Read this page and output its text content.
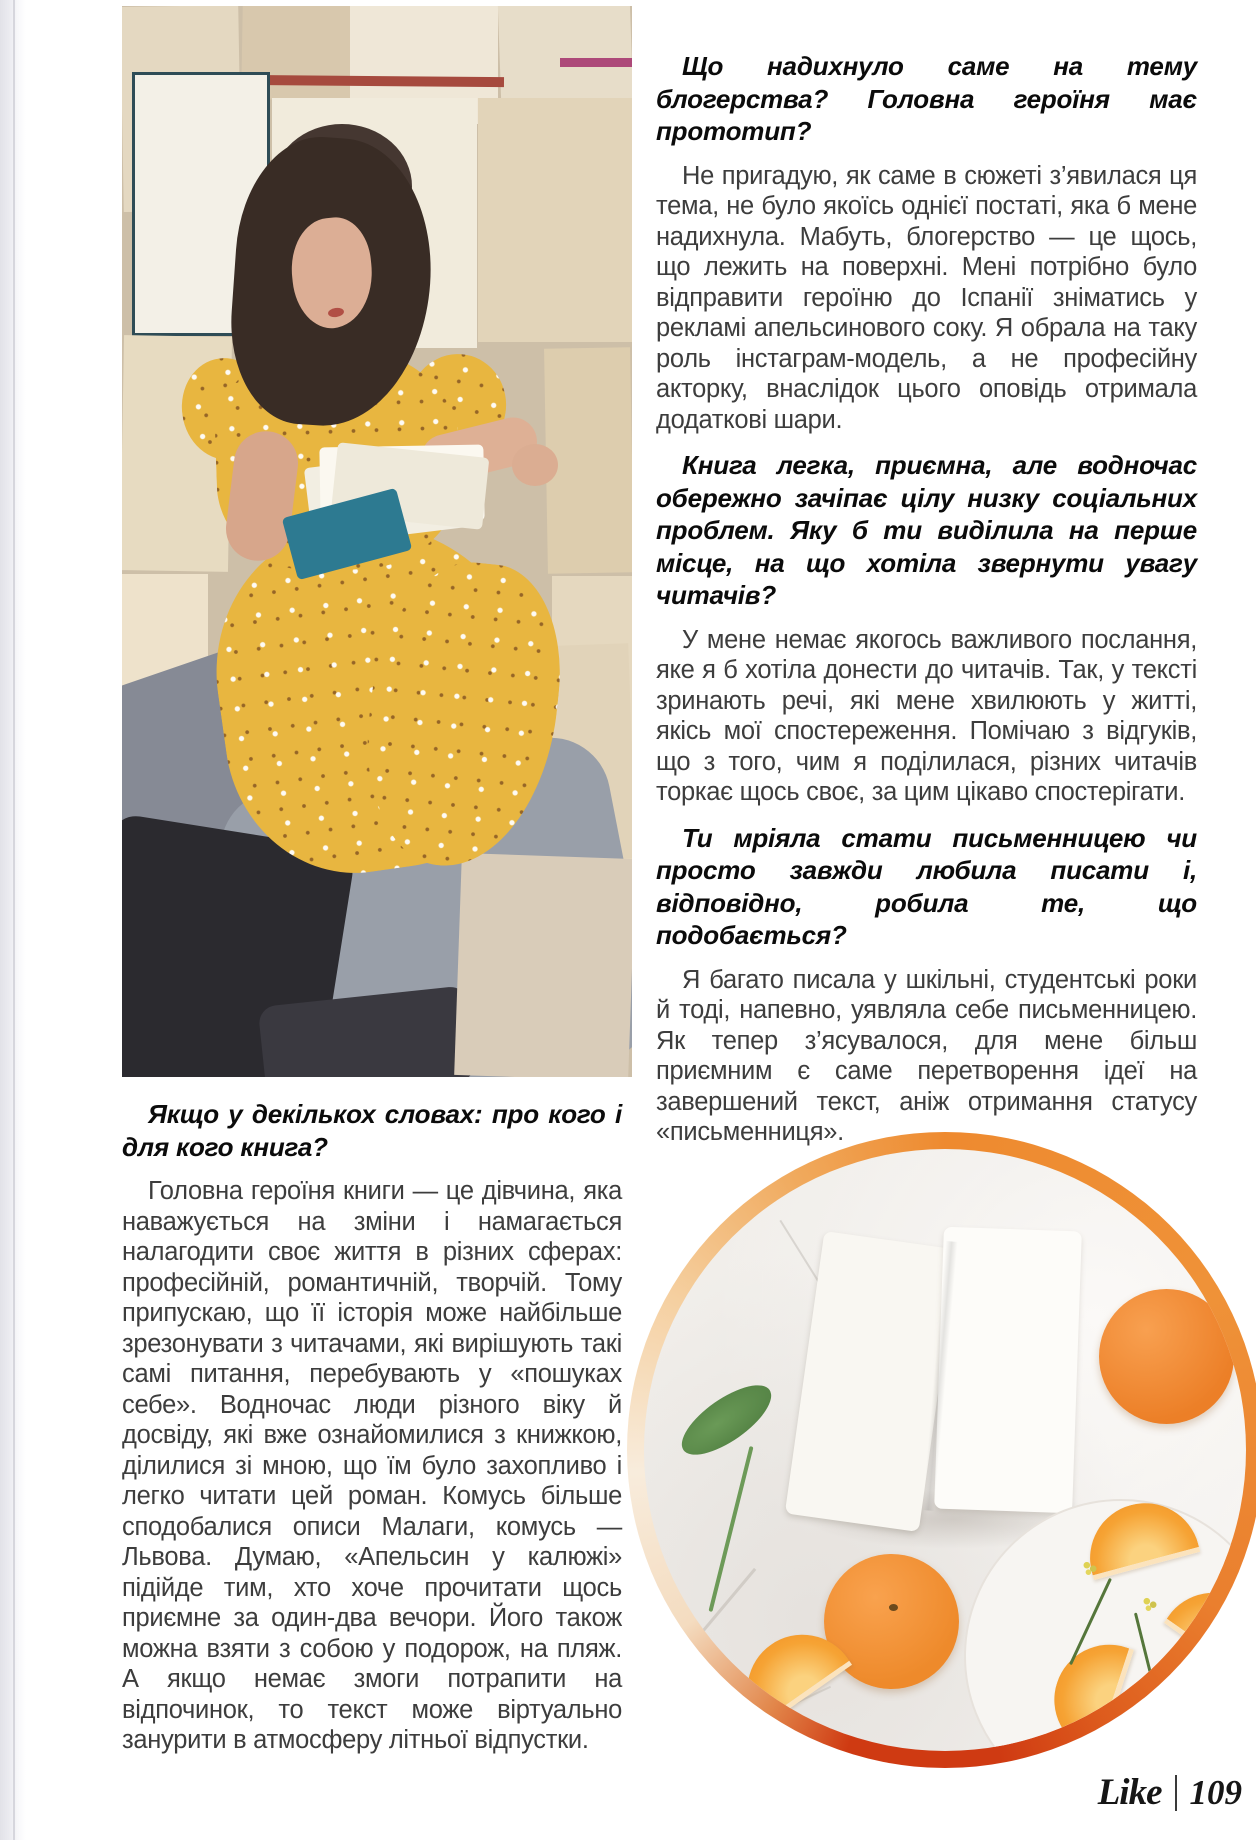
Якщо у декількох словах: про кого і для кого книга?

Головна героїня книги — це дівчина, яка наважується на зміни і намагається налагодити своє життя в різних сферах: професійній, романтичній, творчій. Тому припускаю, що її історія може найбільше зрезонувати з читачами, які вирішують такі самі питання, перебувають у «пошуках себе». Водночас люди різного віку й досвіду, які вже ознайомилися з книжкою, ділилися зі мною, що їм було захопливо і легко читати цей роман. Комусь більше сподобалися описи Малаги, комусь — Львова. Думаю, «Апельсин у калюжі» підійде тим, хто хоче прочитати щось приємне за один-два вечори. Його також можна взяти з собою у подорож, на пляж. А якщо немає змоги потрапити на відпочинок, то текст може віртуально занурити в атмосферу літньої відпустки.

Що надихнуло саме на тему блогерства? Головна героїня має прототип?

Не пригадую, як саме в сюжеті з’явилася ця тема, не було якоїсь однієї постаті, яка б мене надихнула. Мабуть, блогерство — це щось, що лежить на поверхні. Мені потрібно було відправити героїню до Іспанії зніматись у рекламі апельсинового соку. Я обрала на таку роль інстаграм-модель, а не професійну акторку, внаслідок цього оповідь отримала додаткові шари.

Книга легка, приємна, але водночас обережно зачіпає цілу низку соціальних проблем. Яку б ти виділила на перше місце, на що хотіла звернути увагу читачів?

У мене немає якогось важливого послання, яке я б хотіла донести до читачів. Так, у тексті зринають речі, які мене хвилюють у житті, якісь мої спостереження. Помічаю з відгуків, що з того, чим я поділилася, різних читачів торкає щось своє, за цим цікаво спостерігати.

Ти мріяла стати письменницею чи просто завжди любила писати і, відповідно, робила те, що подобається?

Я багато писала у шкільні, студентські роки й тоді, напевно, уявляла себе письменницею. Як тепер з’ясувалося, для мене більш приємним є саме перетворення ідеї на завершений текст, аніж отримання статусу «письменниця».

Like 109
